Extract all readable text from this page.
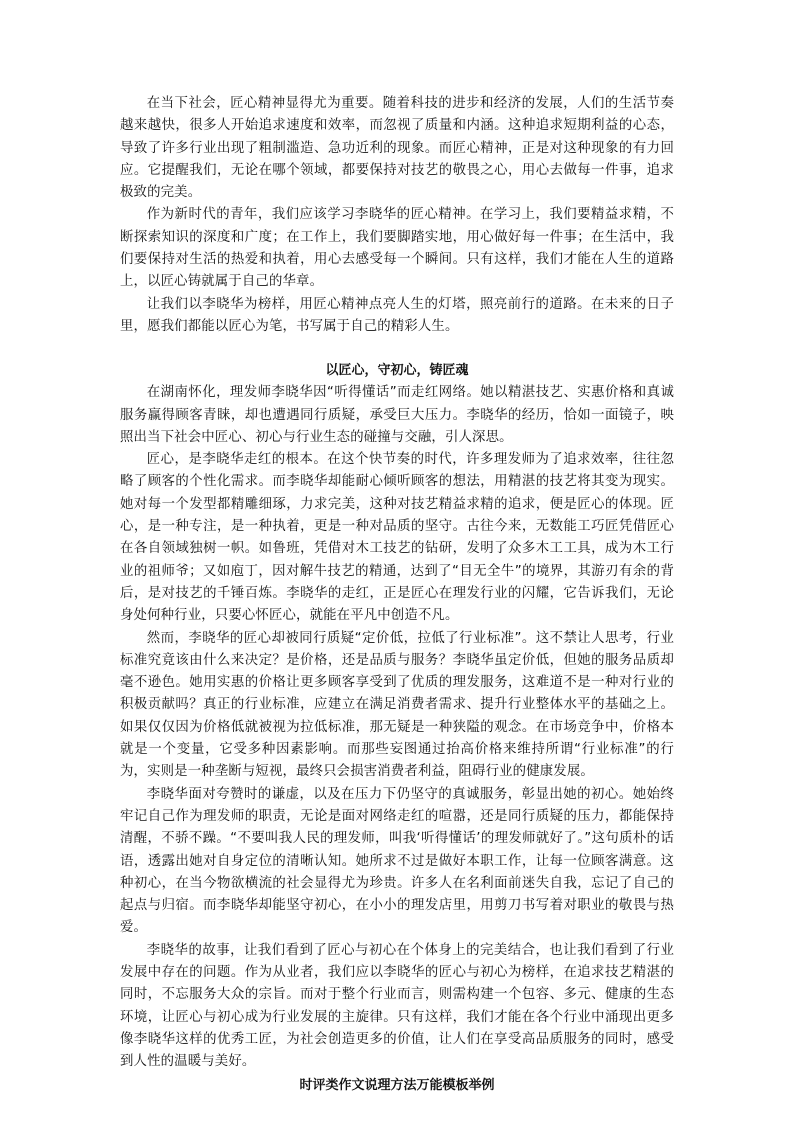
在当下社会，匠心精神显得尤为重要。随着科技的进步和经济的发展，人们的生活节奏越来越快，很多人开始追求速度和效率，而忽视了质量和内涵。这种追求短期利益的心态，导致了许多行业出现了粗制滥造、急功近利的现象。而匠心精神，正是对这种现象的有力回应。它提醒我们，无论在哪个领域，都要保持对技艺的敬畏之心，用心去做每一件事，追求极致的完美。

作为新时代的青年，我们应该学习李晓华的匠心精神。在学习上，我们要精益求精，不断探索知识的深度和广度；在工作上，我们要脚踏实地，用心做好每一件事；在生活中，我们要保持对生活的热爱和执着，用心去感受每一个瞬间。只有这样，我们才能在人生的道路上，以匠心铸就属于自己的华章。

让我们以李晓华为榜样，用匠心精神点亮人生的灯塔，照亮前行的道路。在未来的日子里，愿我们都能以匠心为笔，书写属于自己的精彩人生。

以匠心，守初心，铸匠魂

在湖南怀化，理发师李晓华因“听得懂话”而走红网络。她以精湛技艺、实惠价格和真诚服务赢得顾客青睐，却也遭遇同行质疑，承受巨大压力。李晓华的经历，恰如一面镜子，映照出当下社会中匠心、初心与行业生态的碰撞与交融，引人深思。

匠心，是李晓华走红的根本。在这个快节奏的时代，许多理发师为了追求效率，往往忽略了顾客的个性化需求。而李晓华却能耐心倾听顾客的想法，用精湛的技艺将其变为现实。她对每一个发型都精雕细琢，力求完美，这种对技艺精益求精的追求，便是匠心的体现。匠心，是一种专注，是一种执着，更是一种对品质的坚守。古往今来，无数能工巧匠凭借匠心在各自领域独树一帜。如鲁班，凭借对木工技艺的钻研，发明了众多木工工具，成为木工行业的祖师爷；又如庖丁，因对解牛技艺的精通，达到了“目无全牛”的境界，其游刃有余的背后，是对技艺的千锤百炼。李晓华的走红，正是匠心在理发行业的闪耀，它告诉我们，无论身处何种行业，只要心怀匠心，就能在平凡中创造不凡。

然而，李晓华的匠心却被同行质疑“定价低，拉低了行业标准”。这不禁让人思考，行业标准究竟该由什么来决定？是价格，还是品质与服务？李晓华虽定价低，但她的服务品质却毫不逊色。她用实惠的价格让更多顾客享受到了优质的理发服务，这难道不是一种对行业的积极贡献吗？真正的行业标准，应建立在满足消费者需求、提升行业整体水平的基础之上。如果仅仅因为价格低就被视为拉低标准，那无疑是一种狭隘的观念。在市场竞争中，价格本就是一个变量，它受多种因素影响。而那些妄图通过抬高价格来维持所谓“行业标准”的行为，实则是一种垄断与短视，最终只会损害消费者利益，阻碍行业的健康发展。

李晓华面对夸赞时的谦虚，以及在压力下仍坚守的真诚服务，彰显出她的初心。她始终牢记自己作为理发师的职责，无论是面对网络走红的喧嚣，还是同行质疑的压力，都能保持清醒，不骄不躁。“不要叫我人民的理发师，叫我‘听得懂话’的理发师就好了。”这句质朴的话语，透露出她对自身定位的清晰认知。她所求不过是做好本职工作，让每一位顾客满意。这种初心，在当今物欲横流的社会显得尤为珍贵。许多人在名利面前迷失自我，忘记了自己的起点与归宿。而李晓华却能坚守初心，在小小的理发店里，用剪刀书写着对职业的敬畏与热爱。

李晓华的故事，让我们看到了匠心与初心在个体身上的完美结合，也让我们看到了行业发展中存在的问题。作为从业者，我们应以李晓华的匠心与初心为榜样，在追求技艺精湛的同时，不忘服务大众的宗旨。而对于整个行业而言，则需构建一个包容、多元、健康的生态环境，让匠心与初心成为行业发展的主旋律。只有这样，我们才能在各个行业中涌现出更多像李晓华这样的优秀工匠，为社会创造更多的价值，让人们在享受高品质服务的同时，感受到人性的温暖与美好。

时评类作文说理方法万能模板举例
